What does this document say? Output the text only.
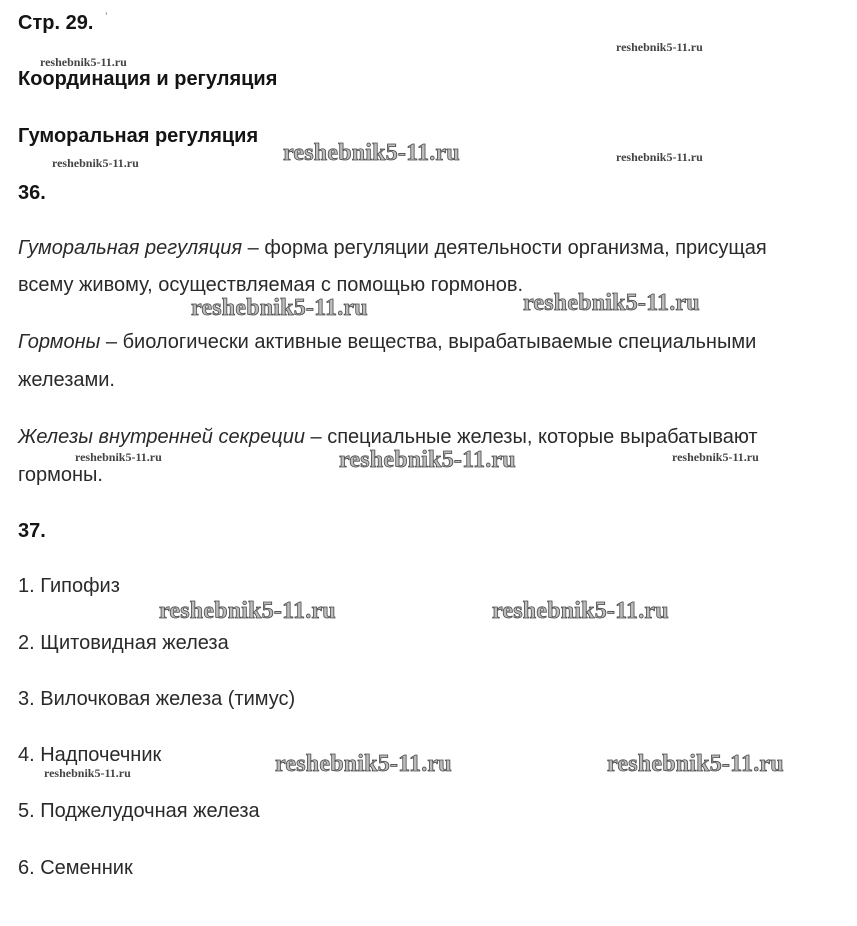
Стр. 29. ʼ
Координация и регуляция
Гуморальная регуляция
36.
Гуморальная регуляция – форма регуляции деятельности организма, присущая
всему живому, осуществляемая с помощью гормонов.
Гормоны – биологически активные вещества, вырабатываемые специальными
железами.
Железы внутренней секреции – специальные железы, которые вырабатывают
гормоны.
37.
1. Гипофиз
2. Щитовидная железа
3. Вилочковая железа (тимус)
4. Надпочечник
5. Поджелудочная железа
6. Семенник
reshebnik5-11.ru
reshebnik5-11.ru
reshebnik5-11.ru	reshebnik5-11.ru
reshebnik5-11.ru	reshebnik5-11.ru
reshebnik5-11.ru
reshebnik5-11.ru
reshebnik5-11.ru	reshebnik5-11.ru
reshebnik5-11.ru
reshebnik5-11.ru	reshebnik5-11.ru
reshebnik5-11.ru	reshebnik5-11.ru
